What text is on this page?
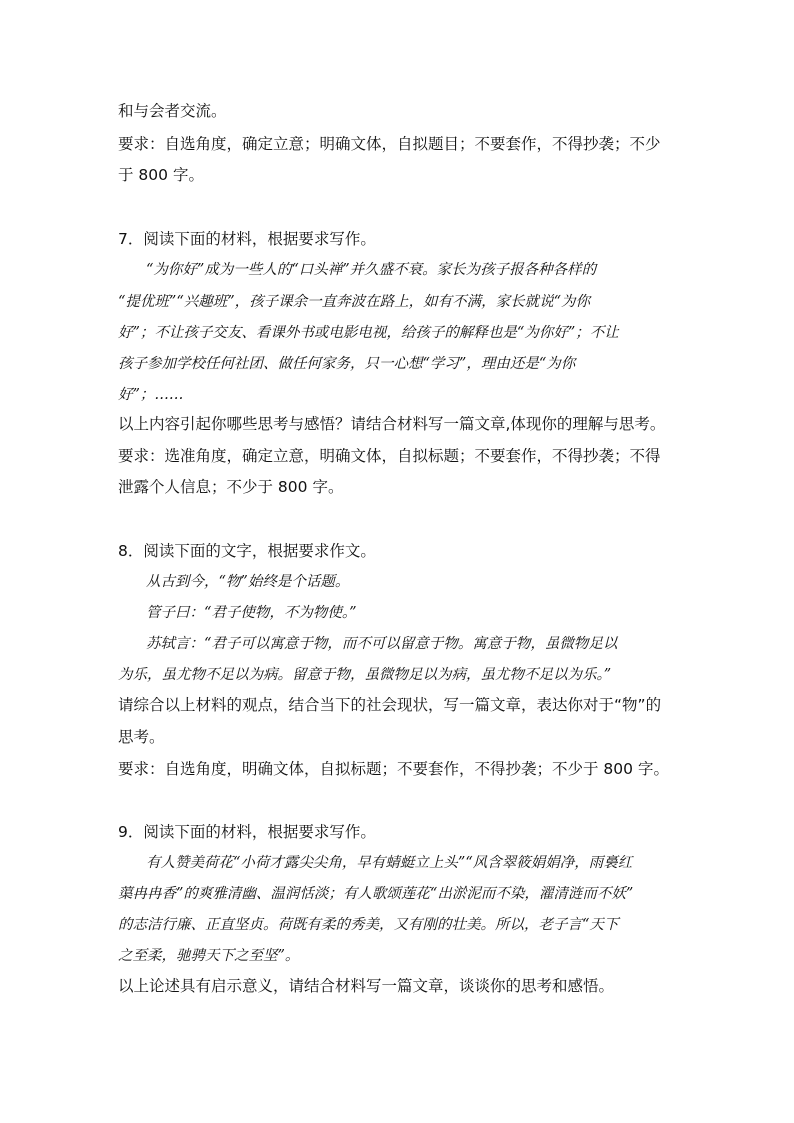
和与会者交流。
要求：自选角度，确定立意；明确文体，自拟题目；不要套作，不得抄袭；不少
于 800 字。
7．阅读下面的材料，根据要求写作。
“为你好”成为一些人的“口头禅”并久盛不衰。家长为孩子报各种各样的
“提优班”“兴趣班”，孩子课余一直奔波在路上，如有不满，家长就说“为你
好”；不让孩子交友、看课外书或电影电视，给孩子的解释也是“为你好”；不让
孩子参加学校任何社团、做任何家务，只一心想“学习”，理由还是“为你
好”；……
以上内容引起你哪些思考与感悟？请结合材料写一篇文章,体现你的理解与思考。
要求：选准角度，确定立意，明确文体，自拟标题；不要套作，不得抄袭；不得
泄露个人信息；不少于 800 字。
8．阅读下面的文字，根据要求作文。
从古到今，“物”始终是个话题。
管子曰：“君子使物，不为物使。”
苏轼言：“君子可以寓意于物，而不可以留意于物。寓意于物，虽微物足以
为乐，虽尤物不足以为病。留意于物，虽微物足以为病，虽尤物不足以为乐。”
请综合以上材料的观点，结合当下的社会现状，写一篇文章，表达你对于“物”的
思考。
要求：自选角度，明确文体，自拟标题；不要套作，不得抄袭；不少于 800 字。
9．阅读下面的材料，根据要求写作。
有人赞美荷花“小荷才露尖尖角，早有蜻蜓立上头”“风含翠筱娟娟净，雨裛红
蕖冉冉香”的爽雅清幽、温润恬淡；有人歌颂莲花“出淤泥而不染，濯清涟而不妖”
的志洁行廉、正直坚贞。荷既有柔的秀美，又有刚的壮美。所以，老子言“天下
之至柔，驰骋天下之至坚”。
以上论述具有启示意义，请结合材料写一篇文章，谈谈你的思考和感悟。
